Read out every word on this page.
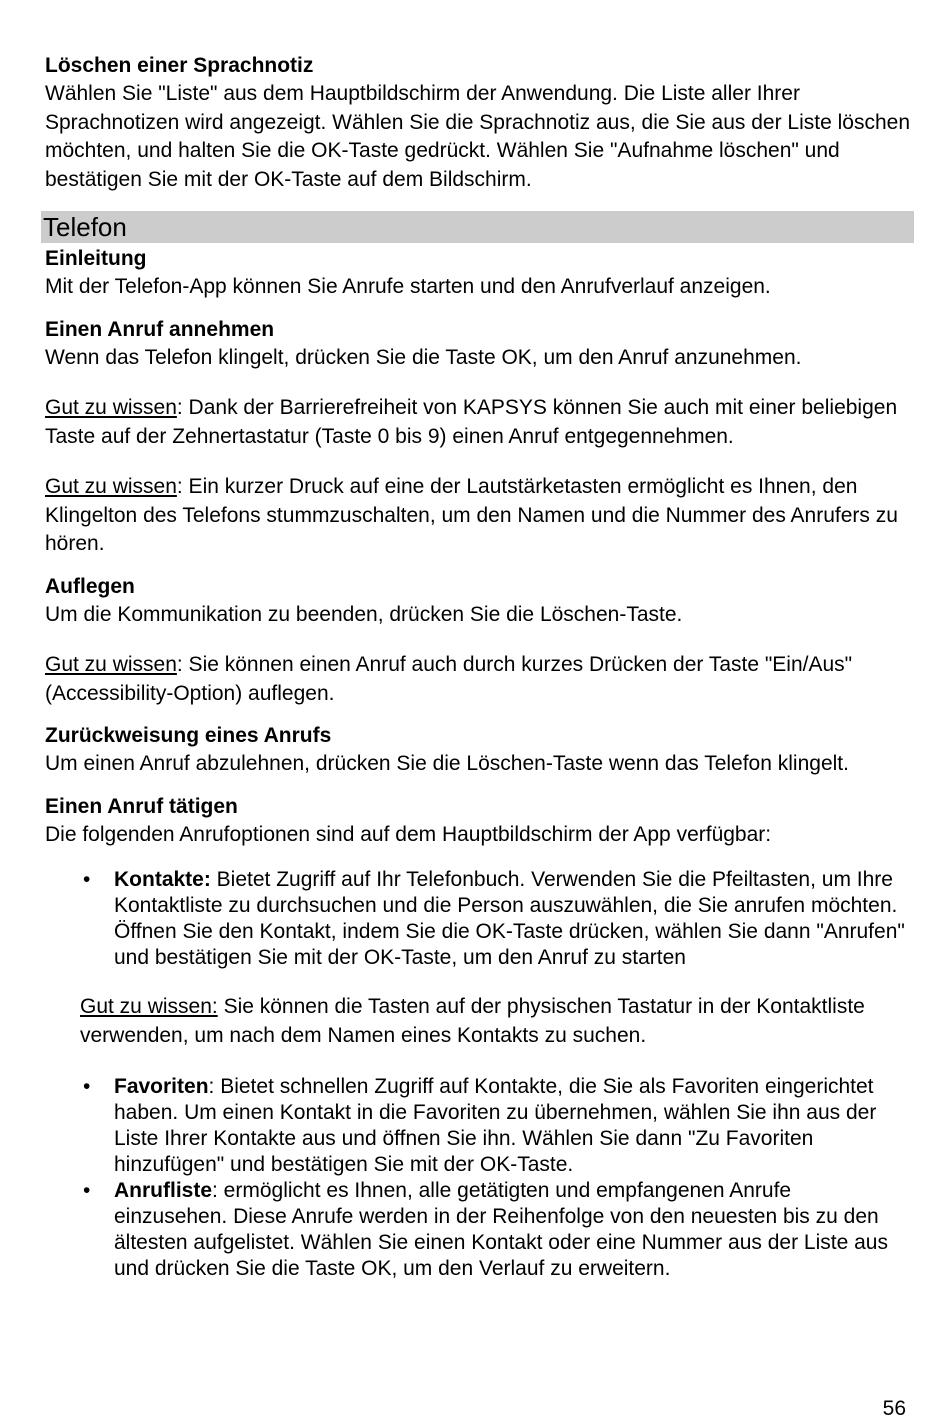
Löschen einer Sprachnotiz

Wählen Sie "Liste" aus dem Hauptbildschirm der Anwendung. Die Liste aller Ihrer Sprachnotizen wird angezeigt. Wählen Sie die Sprachnotiz aus, die Sie aus der Liste löschen möchten, und halten Sie die OK-Taste gedrückt. Wählen Sie "Aufnahme löschen" und bestätigen Sie mit der OK-Taste auf dem Bildschirm.

Telefon

Einleitung

Mit der Telefon-App können Sie Anrufe starten und den Anrufverlauf anzeigen.

Einen Anruf annehmen

Wenn das Telefon klingelt, drücken Sie die Taste OK, um den Anruf anzunehmen.

Gut zu wissen: Dank der Barrierefreiheit von KAPSYS können Sie auch mit einer beliebigen Taste auf der Zehnertastatur (Taste 0 bis 9) einen Anruf entgegennehmen.

Gut zu wissen: Ein kurzer Druck auf eine der Lautstärketasten ermöglicht es Ihnen, den Klingelton des Telefons stummzuschalten, um den Namen und die Nummer des Anrufers zu hören.

Auflegen

Um die Kommunikation zu beenden, drücken Sie die Löschen-Taste.

Gut zu wissen: Sie können einen Anruf auch durch kurzes Drücken der Taste "Ein/Aus" (Accessibility-Option) auflegen.

Zurückweisung eines Anrufs

Um einen Anruf abzulehnen, drücken Sie die Löschen-Taste wenn das Telefon klingelt.

Einen Anruf tätigen

Die folgenden Anrufoptionen sind auf dem Hauptbildschirm der App verfügbar:

• Kontakte: Bietet Zugriff auf Ihr Telefonbuch. Verwenden Sie die Pfeiltasten, um Ihre Kontaktliste zu durchsuchen und die Person auszuwählen, die Sie anrufen möchten. Öffnen Sie den Kontakt, indem Sie die OK-Taste drücken, wählen Sie dann "Anrufen" und bestätigen Sie mit der OK-Taste, um den Anruf zu starten

Gut zu wissen: Sie können die Tasten auf der physischen Tastatur in der Kontaktliste verwenden, um nach dem Namen eines Kontakts zu suchen.

• Favoriten: Bietet schnellen Zugriff auf Kontakte, die Sie als Favoriten eingerichtet haben. Um einen Kontakt in die Favoriten zu übernehmen, wählen Sie ihn aus der Liste Ihrer Kontakte aus und öffnen Sie ihn. Wählen Sie dann "Zu Favoriten hinzufügen" und bestätigen Sie mit der OK-Taste.
• Anrufliste: ermöglicht es Ihnen, alle getätigten und empfangenen Anrufe einzusehen. Diese Anrufe werden in der Reihenfolge von den neuesten bis zu den ältesten aufgelistet. Wählen Sie einen Kontakt oder eine Nummer aus der Liste aus und drücken Sie die Taste OK, um den Verlauf zu erweitern.
56
